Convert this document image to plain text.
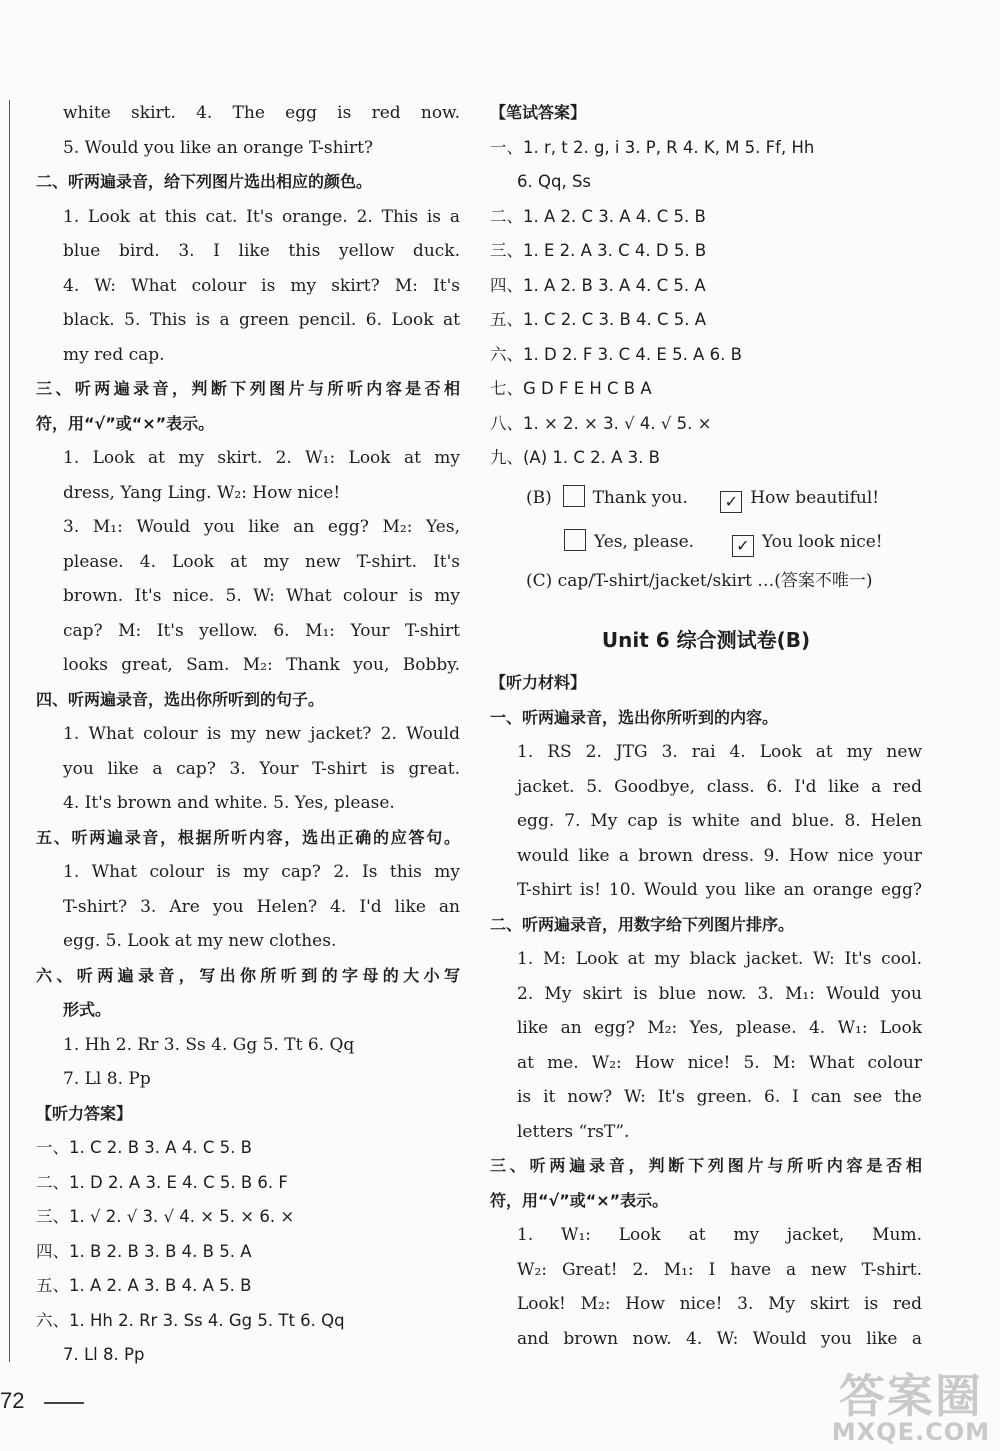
white skirt. 4. The egg is red now.
5. Would you like an orange T-shirt?
二、听两遍录音，给下列图片选出相应的颜色。
1. Look at this cat. It's orange. 2. This is a
blue bird. 3. I like this yellow duck.
4. W: What colour is my skirt? M: It's
black. 5. This is a green pencil. 6. Look at
my red cap.
三、听两遍录音，判断下列图片与所听内容是否相
符，用“√”或“×”表示。
1. Look at my skirt. 2. W₁: Look at my
dress, Yang Ling. W₂: How nice!
3. M₁: Would you like an egg? M₂: Yes,
please. 4. Look at my new T-shirt. It's
brown. It's nice. 5. W: What colour is my
cap? M: It's yellow. 6. M₁: Your T-shirt
looks great, Sam. M₂: Thank you, Bobby.
四、听两遍录音，选出你所听到的句子。
1. What colour is my new jacket? 2. Would
you like a cap? 3. Your T-shirt is great.
4. It's brown and white. 5. Yes, please.
五、听两遍录音，根据所听内容，选出正确的应答句。
1. What colour is my cap? 2. Is this my
T-shirt? 3. Are you Helen? 4. I'd like an
egg. 5. Look at my new clothes.
六、听两遍录音，写出你所听到的字母的大小写
形式。
1. Hh 2. Rr 3. Ss 4. Gg 5. Tt 6. Qq
7. Ll 8. Pp
【听力答案】
一、1. C 2. B 3. A 4. C 5. B
二、1. D 2. A 3. E 4. C 5. B 6. F
三、1. √ 2. √ 3. √ 4. × 5. × 6. ×
四、1. B 2. B 3. B 4. B 5. A
五、1. A 2. A 3. B 4. A 5. B
六、1. Hh 2. Rr 3. Ss 4. Gg 5. Tt 6. Qq
7. Ll 8. Pp
【笔试答案】
一、1. r, t 2. g, i 3. P, R 4. K, M 5. Ff, Hh
6. Qq, Ss
二、1. A 2. C 3. A 4. C 5. B
三、1. E 2. A 3. C 4. D 5. B
四、1. A 2. B 3. A 4. C 5. A
五、1. C 2. C 3. B 4. C 5. A
六、1. D 2. F 3. C 4. E 5. A 6. B
七、G D F E H C B A
八、1. × 2. × 3. √ 4. √ 5. ×
九、(A) 1. C 2. A 3. B
(B) Thank you. ✓ How beautiful!
Yes, please.	✓ You look nice!
(C) cap/T-shirt/jacket/skirt …(答案不唯一)
Unit 6 综合测试卷(B)
【听力材料】
一、听两遍录音，选出你所听到的内容。
1. RS 2. JTG 3. rai 4. Look at my new
jacket. 5. Goodbye, class. 6. I'd like a red
egg. 7. My cap is white and blue. 8. Helen
would like a brown dress. 9. How nice your
T-shirt is! 10. Would you like an orange egg?
二、听两遍录音，用数字给下列图片排序。
1. M: Look at my black jacket. W: It's cool.
2. My skirt is blue now. 3. M₁: Would you
like an egg? M₂: Yes, please. 4. W₁: Look
at me. W₂: How nice! 5. M: What colour
is it now? W: It's green. 6. I can see the
letters “rsT”.
三、听两遍录音，判断下列图片与所听内容是否相
符，用“√”或“×”表示。
1. W₁: Look at my jacket, Mum.
W₂: Great! 2. M₁: I have a new T-shirt.
Look! M₂: How nice! 3. My skirt is red
and brown now. 4. W: Would you like a
72	答案圈
MXQE.COM
